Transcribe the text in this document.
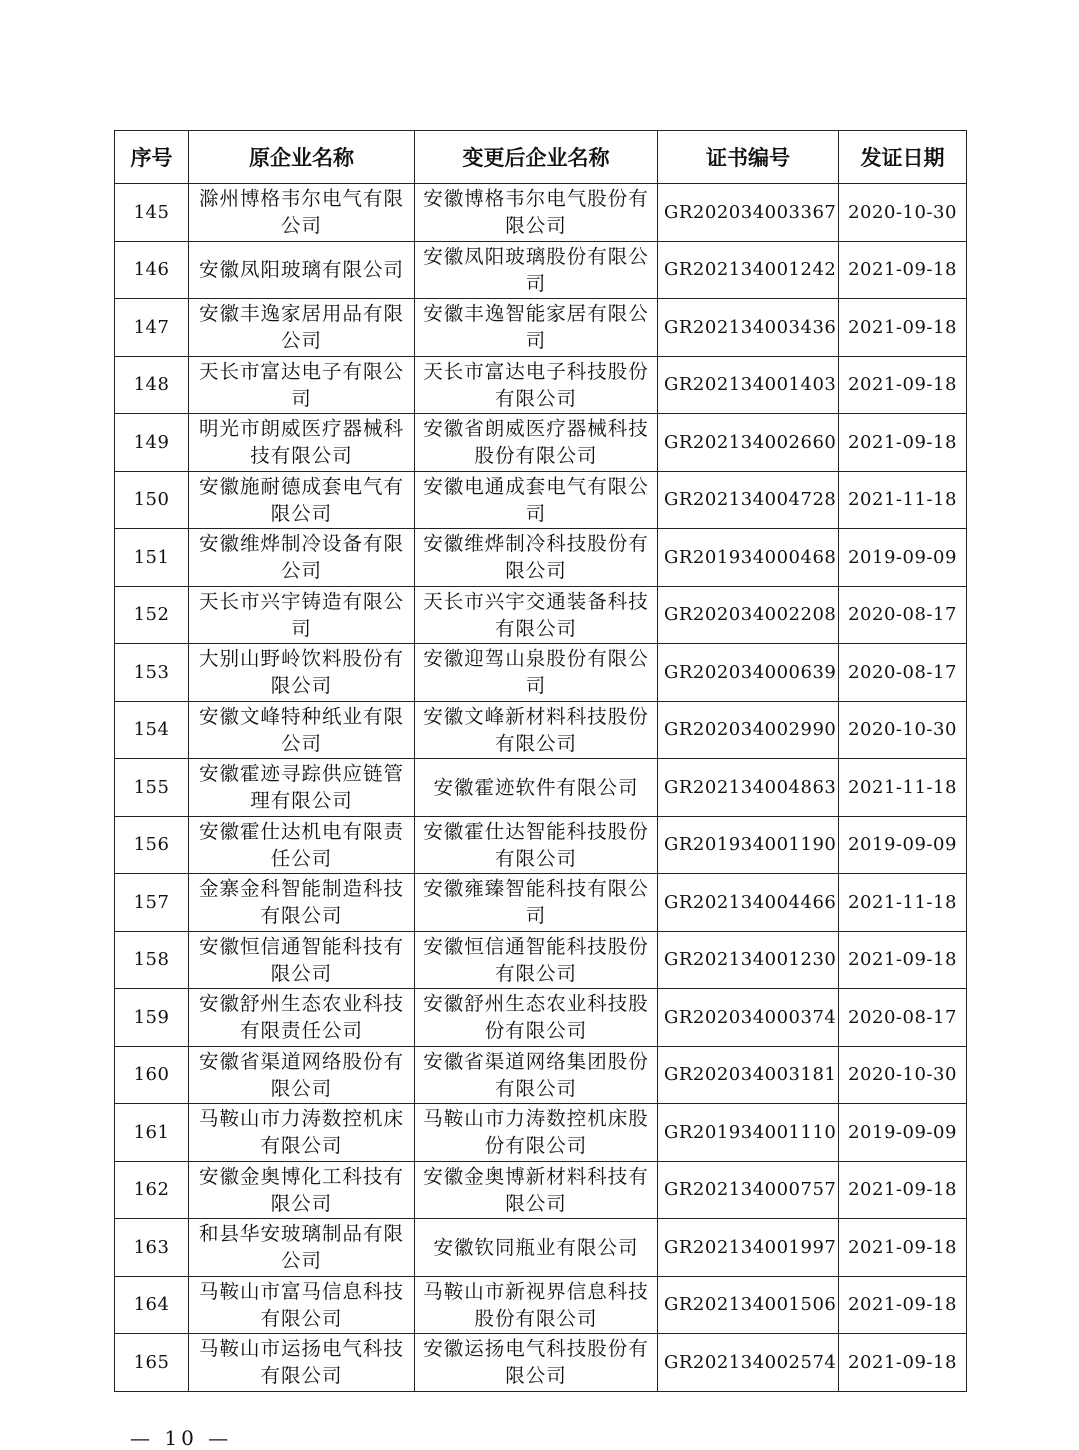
序号	原企业名称	变更后企业名称	证书编号	发证日期
145	滁州博格韦尔电气有限公司	安徽博格韦尔电气股份有限公司	GR202034003367	2020-10-30
146	安徽凤阳玻璃有限公司	安徽凤阳玻璃股份有限公司	GR202134001242	2021-09-18
147	安徽丰逸家居用品有限公司	安徽丰逸智能家居有限公司	GR202134003436	2021-09-18
148	天长市富达电子有限公司	天长市富达电子科技股份有限公司	GR202134001403	2021-09-18
149	明光市朗威医疗器械科技有限公司	安徽省朗威医疗器械科技股份有限公司	GR202134002660	2021-09-18
150	安徽施耐德成套电气有限公司	安徽电通成套电气有限公司	GR202134004728	2021-11-18
151	安徽维烨制冷设备有限公司	安徽维烨制冷科技股份有限公司	GR201934000468	2019-09-09
152	天长市兴宇铸造有限公司	天长市兴宇交通装备科技有限公司	GR202034002208	2020-08-17
153	大别山野岭饮料股份有限公司	安徽迎驾山泉股份有限公司	GR202034000639	2020-08-17
154	安徽文峰特种纸业有限公司	安徽文峰新材料科技股份有限公司	GR202034002990	2020-10-30
155	安徽霍迹寻踪供应链管理有限公司	安徽霍迹软件有限公司	GR202134004863	2021-11-18
156	安徽霍仕达机电有限责任公司	安徽霍仕达智能科技股份有限公司	GR201934001190	2019-09-09
157	金寨金科智能制造科技有限公司	安徽雍臻智能科技有限公司	GR202134004466	2021-11-18
158	安徽恒信通智能科技有限公司	安徽恒信通智能科技股份有限公司	GR202134001230	2021-09-18
159	安徽舒州生态农业科技有限责任公司	安徽舒州生态农业科技股份有限公司	GR202034000374	2020-08-17
160	安徽省渠道网络股份有限公司	安徽省渠道网络集团股份有限公司	GR202034003181	2020-10-30
161	马鞍山市力涛数控机床有限公司	马鞍山市力涛数控机床股份有限公司	GR201934001110	2019-09-09
162	安徽金奥博化工科技有限公司	安徽金奥博新材料科技有限公司	GR202134000757	2021-09-18
163	和县华安玻璃制品有限公司	安徽钦同瓶业有限公司	GR202134001997	2021-09-18
164	马鞍山市富马信息科技有限公司	马鞍山市新视界信息科技股份有限公司	GR202134001506	2021-09-18
165	马鞍山市运扬电气科技有限公司	安徽运扬电气科技股份有限公司	GR202134002574	2021-09-18
— 10 —
